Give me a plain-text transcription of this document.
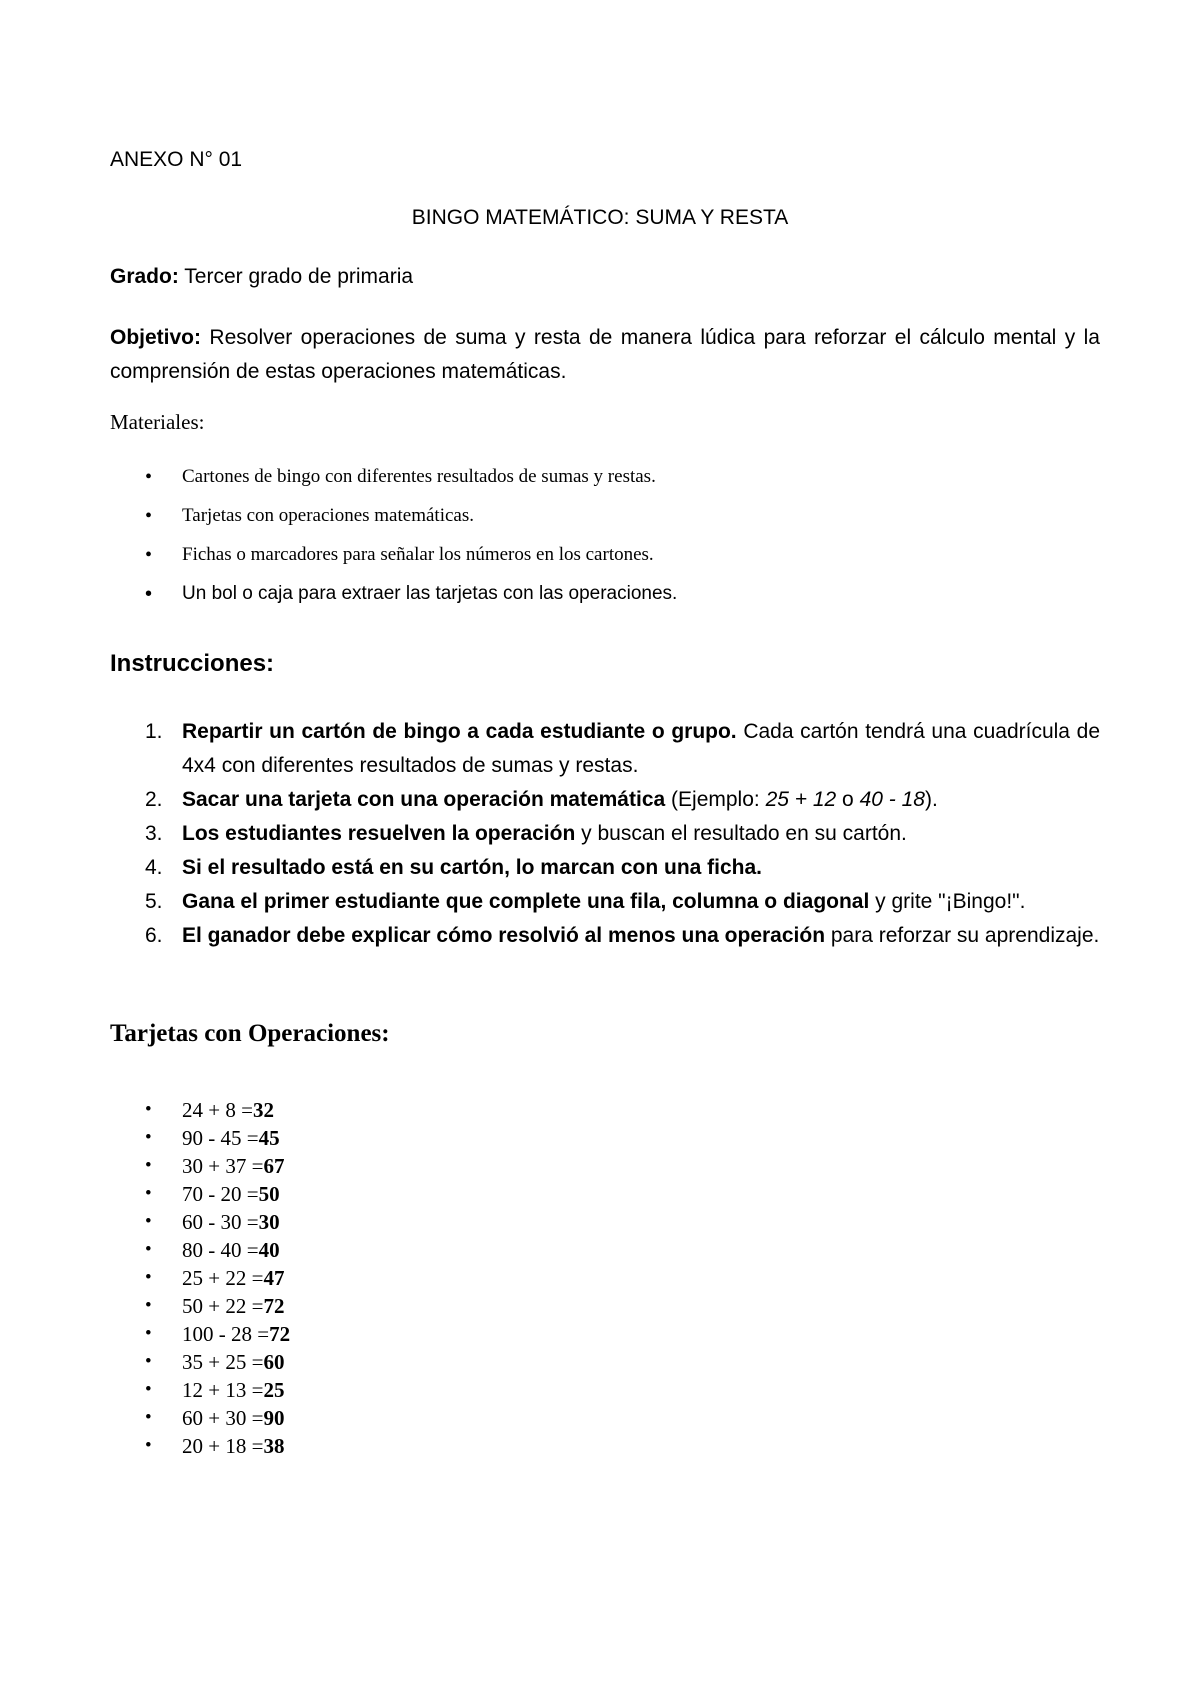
ANEXO N° 01

BINGO MATEMÁTICO: SUMA Y RESTA

Grado: Tercer grado de primaria

Objetivo: Resolver operaciones de suma y resta de manera lúdica para reforzar el cálculo mental y la comprensión de estas operaciones matemáticas.

Materiales:

• Cartones de bingo con diferentes resultados de sumas y restas.
• Tarjetas con operaciones matemáticas.
• Fichas o marcadores para señalar los números en los cartones.
• Un bol o caja para extraer las tarjetas con las operaciones.

Instrucciones:

1. Repartir un cartón de bingo a cada estudiante o grupo. Cada cartón tendrá una cuadrícula de 4x4 con diferentes resultados de sumas y restas.
2. Sacar una tarjeta con una operación matemática (Ejemplo: 25 + 12 o 40 - 18).
3. Los estudiantes resuelven la operación y buscan el resultado en su cartón.
4. Si el resultado está en su cartón, lo marcan con una ficha.
5. Gana el primer estudiante que complete una fila, columna o diagonal y grite "¡Bingo!".
6. El ganador debe explicar cómo resolvió al menos una operación para reforzar su aprendizaje.

Tarjetas con Operaciones:

• 24 + 8 =32
• 90 - 45 =45
• 30 + 37 =67
• 70 - 20 =50
• 60 - 30 =30
• 80 - 40 =40
• 25 + 22 =47
• 50 + 22 =72
• 100 - 28 =72
• 35 + 25 =60
• 12 + 13 =25
• 60 + 30 =90
• 20 + 18 =38
